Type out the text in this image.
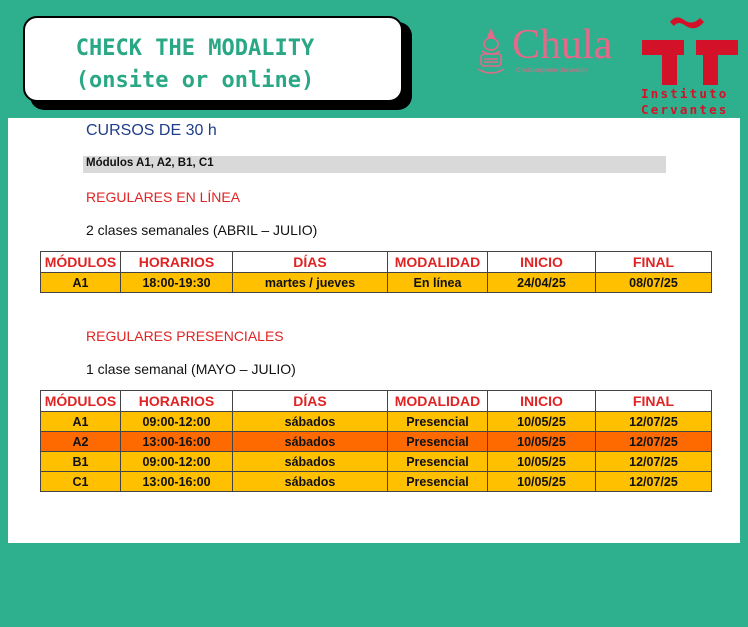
CHECK THE MODALITY
(onsite or online)
Chula
Chulalongkorn University
Instituto
Cervantes
CURSOS DE 30 h
Módulos A1, A2, B1, C1
REGULARES EN LÍNEA
2 clases semanales (ABRIL – JULIO)
MÓDULOS	HORARIOS	DÍAS	MODALIDAD	INICIO	FINAL
A1	18:00-19:30	martes / jueves	En línea	24/04/25	08/07/25
REGULARES PRESENCIALES
1 clase semanal (MAYO – JULIO)
MÓDULOS	HORARIOS	DÍAS	MODALIDAD	INICIO	FINAL
A1	09:00-12:00	sábados	Presencial	10/05/25	12/07/25
A2	13:00-16:00	sábados	Presencial	10/05/25	12/07/25
B1	09:00-12:00	sábados	Presencial	10/05/25	12/07/25
C1	13:00-16:00	sábados	Presencial	10/05/25	12/07/25
